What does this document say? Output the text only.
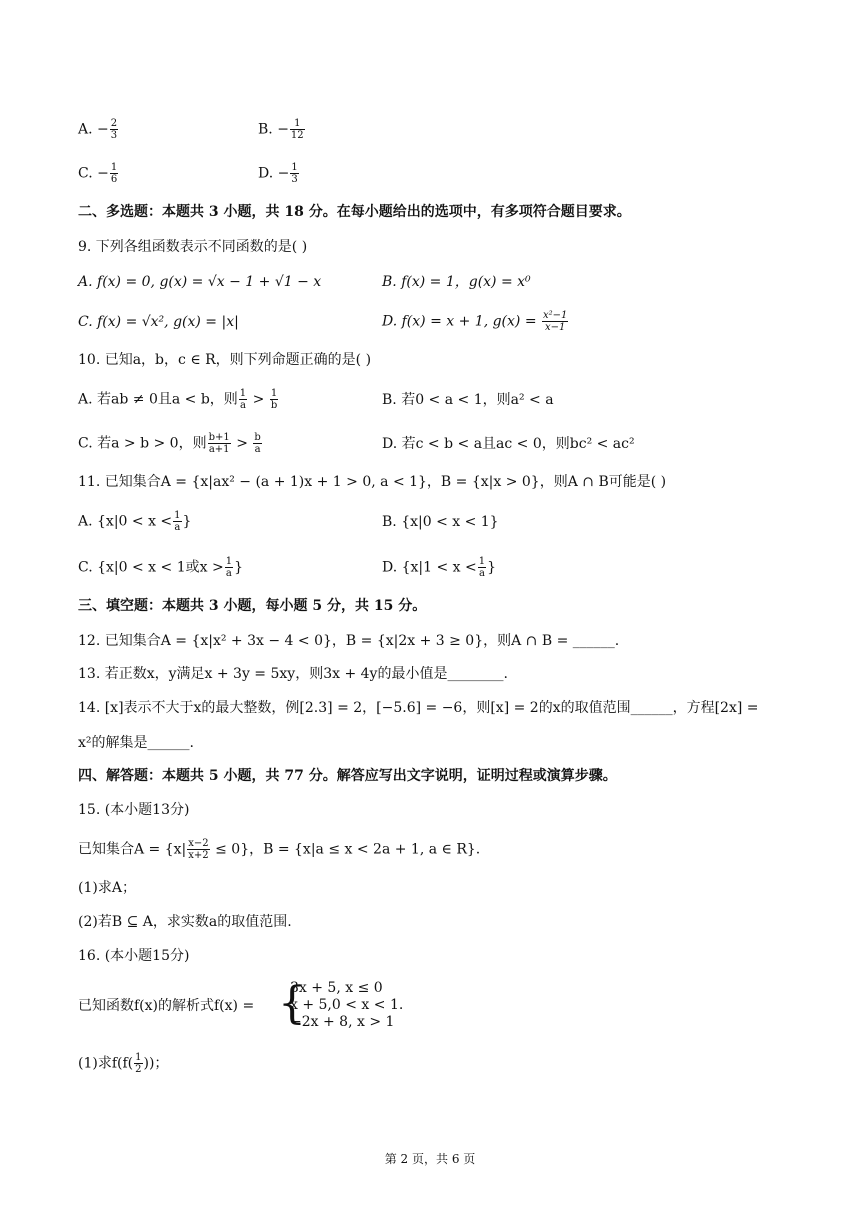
A. − $\frac{2}{3}$	B. − $\frac{1}{12}$
C. − $\frac{1}{6}$	D. − $\frac{1}{3}$
二、多选题：本题共 3 小题，共 18 分。在每小题给出的选项中，有多项符合题目要求。
9. 下列各组函数表示不同函数的是( )
A. f(x) = 0, g(x) = √x − 1 + √1 − x	B. f(x) = 1，g(x) = x⁰
C. f(x) = √x², g(x) = |x|	D. f(x) = x + 1, $g(x) = \frac{\text{x²−1}}{x-1}$
10. 已知a，b，c ∈ R，则下列命题正确的是( )
A. 若ab ≠ 0且a < b，则 $\frac{1}{a} > \frac{1}{b}$	B. 若0 < a < 1，则a² < a
C. 若a > b > 0，则 $\frac{b+1}{a+1} > \frac{b}{a}$	D. 若c < b < a且ac < 0，则bc² < ac²
11. 已知集合A = {x|ax² − (a + 1)x + 1 > 0, a < 1}，B = {x|x > 0}，则A ∩ B可能是( )
A. {$x|0 < x < \frac{1}{a}$ }	B. {x|0 < x < 1}
C. {x|0 < x < 1或$x > \frac{1}{a}$ }	D. {$x|1 < x < \frac{1}{a}$ }
三、填空题：本题共 3 小题，每小题 5 分，共 15 分。
12. 已知集合A = {x|x² + 3x − 4 < 0}，B = {x|2x + 3 ≥ 0}，则A ∩ B = ______.
13. 若正数x，y满足x + 3y = 5xy，则3x + 4y的最小值是________.
14. [x]表示不大于x的最大整数，例[2.3] = 2，[−5.6] = −6，则[x] = 2的x的取值范围______，方程[2x] =
x²的解集是______.
四、解答题：本题共 5 小题，共 77 分。解答应写出文字说明，证明过程或演算步骤。
15. (本小题13分)
已知集合$A = \{x| \frac{x-2}{x+2} \le 0\}$，B = {x|a ≤ x < 2a + 1, a ∈ R}.
(1)求A；
(2)若B ⊆ A，求实数a的取值范围.
16. (本小题15分)
已知函数f(x)的解析式f(x) = {
3x + 5, x ≤ 0
x + 5,0 < x < 1.
−2x + 8, x > 1
(1)求$f(f( \frac{1}{2}$ ))；
第 2 页，共 6 页
